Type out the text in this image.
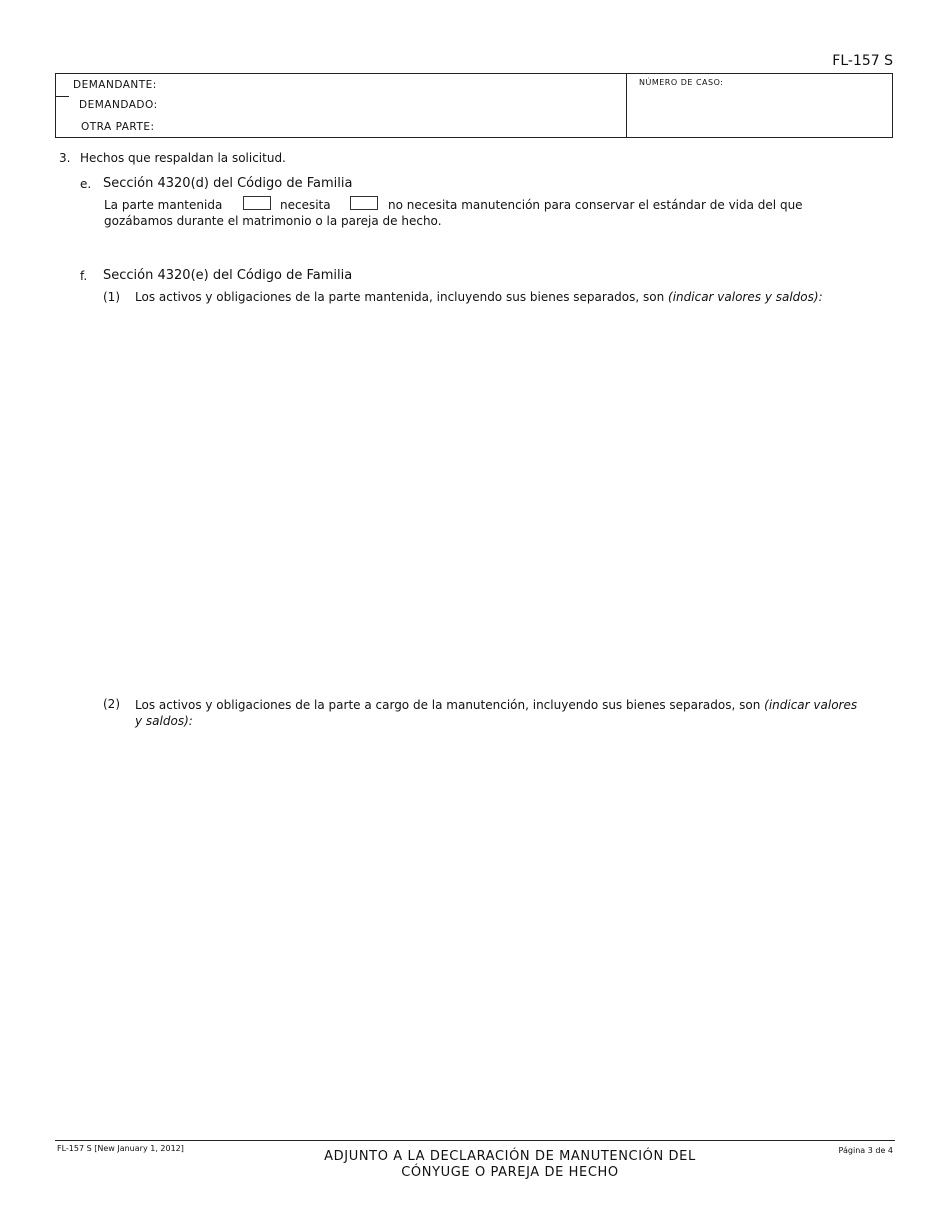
FL-157 S
DEMANDANTE:
DEMANDADO:
OTRA PARTE:
NÚMERO DE CASO:
3. Hechos que respaldan la solicitud.
e. Sección 4320(d) del Código de Familia
La parte mantenida	necesita	no necesita manutención para conservar el estándar de vida del que
gozábamos durante el matrimonio o la pareja de hecho.
f. Sección 4320(e) del Código de Familia
(1) Los activos y obligaciones de la parte mantenida, incluyendo sus bienes separados, son (indicar valores y saldos):
(2) Los activos y obligaciones de la parte a cargo de la manutención, incluyendo sus bienes separados, son (indicar valores
y saldos):
FL-157 S [New January 1, 2012]
ADJUNTO A LA DECLARACIÓN DE MANUTENCIÓN DEL
CÓNYUGE O PAREJA DE HECHO
Página 3 de 4
